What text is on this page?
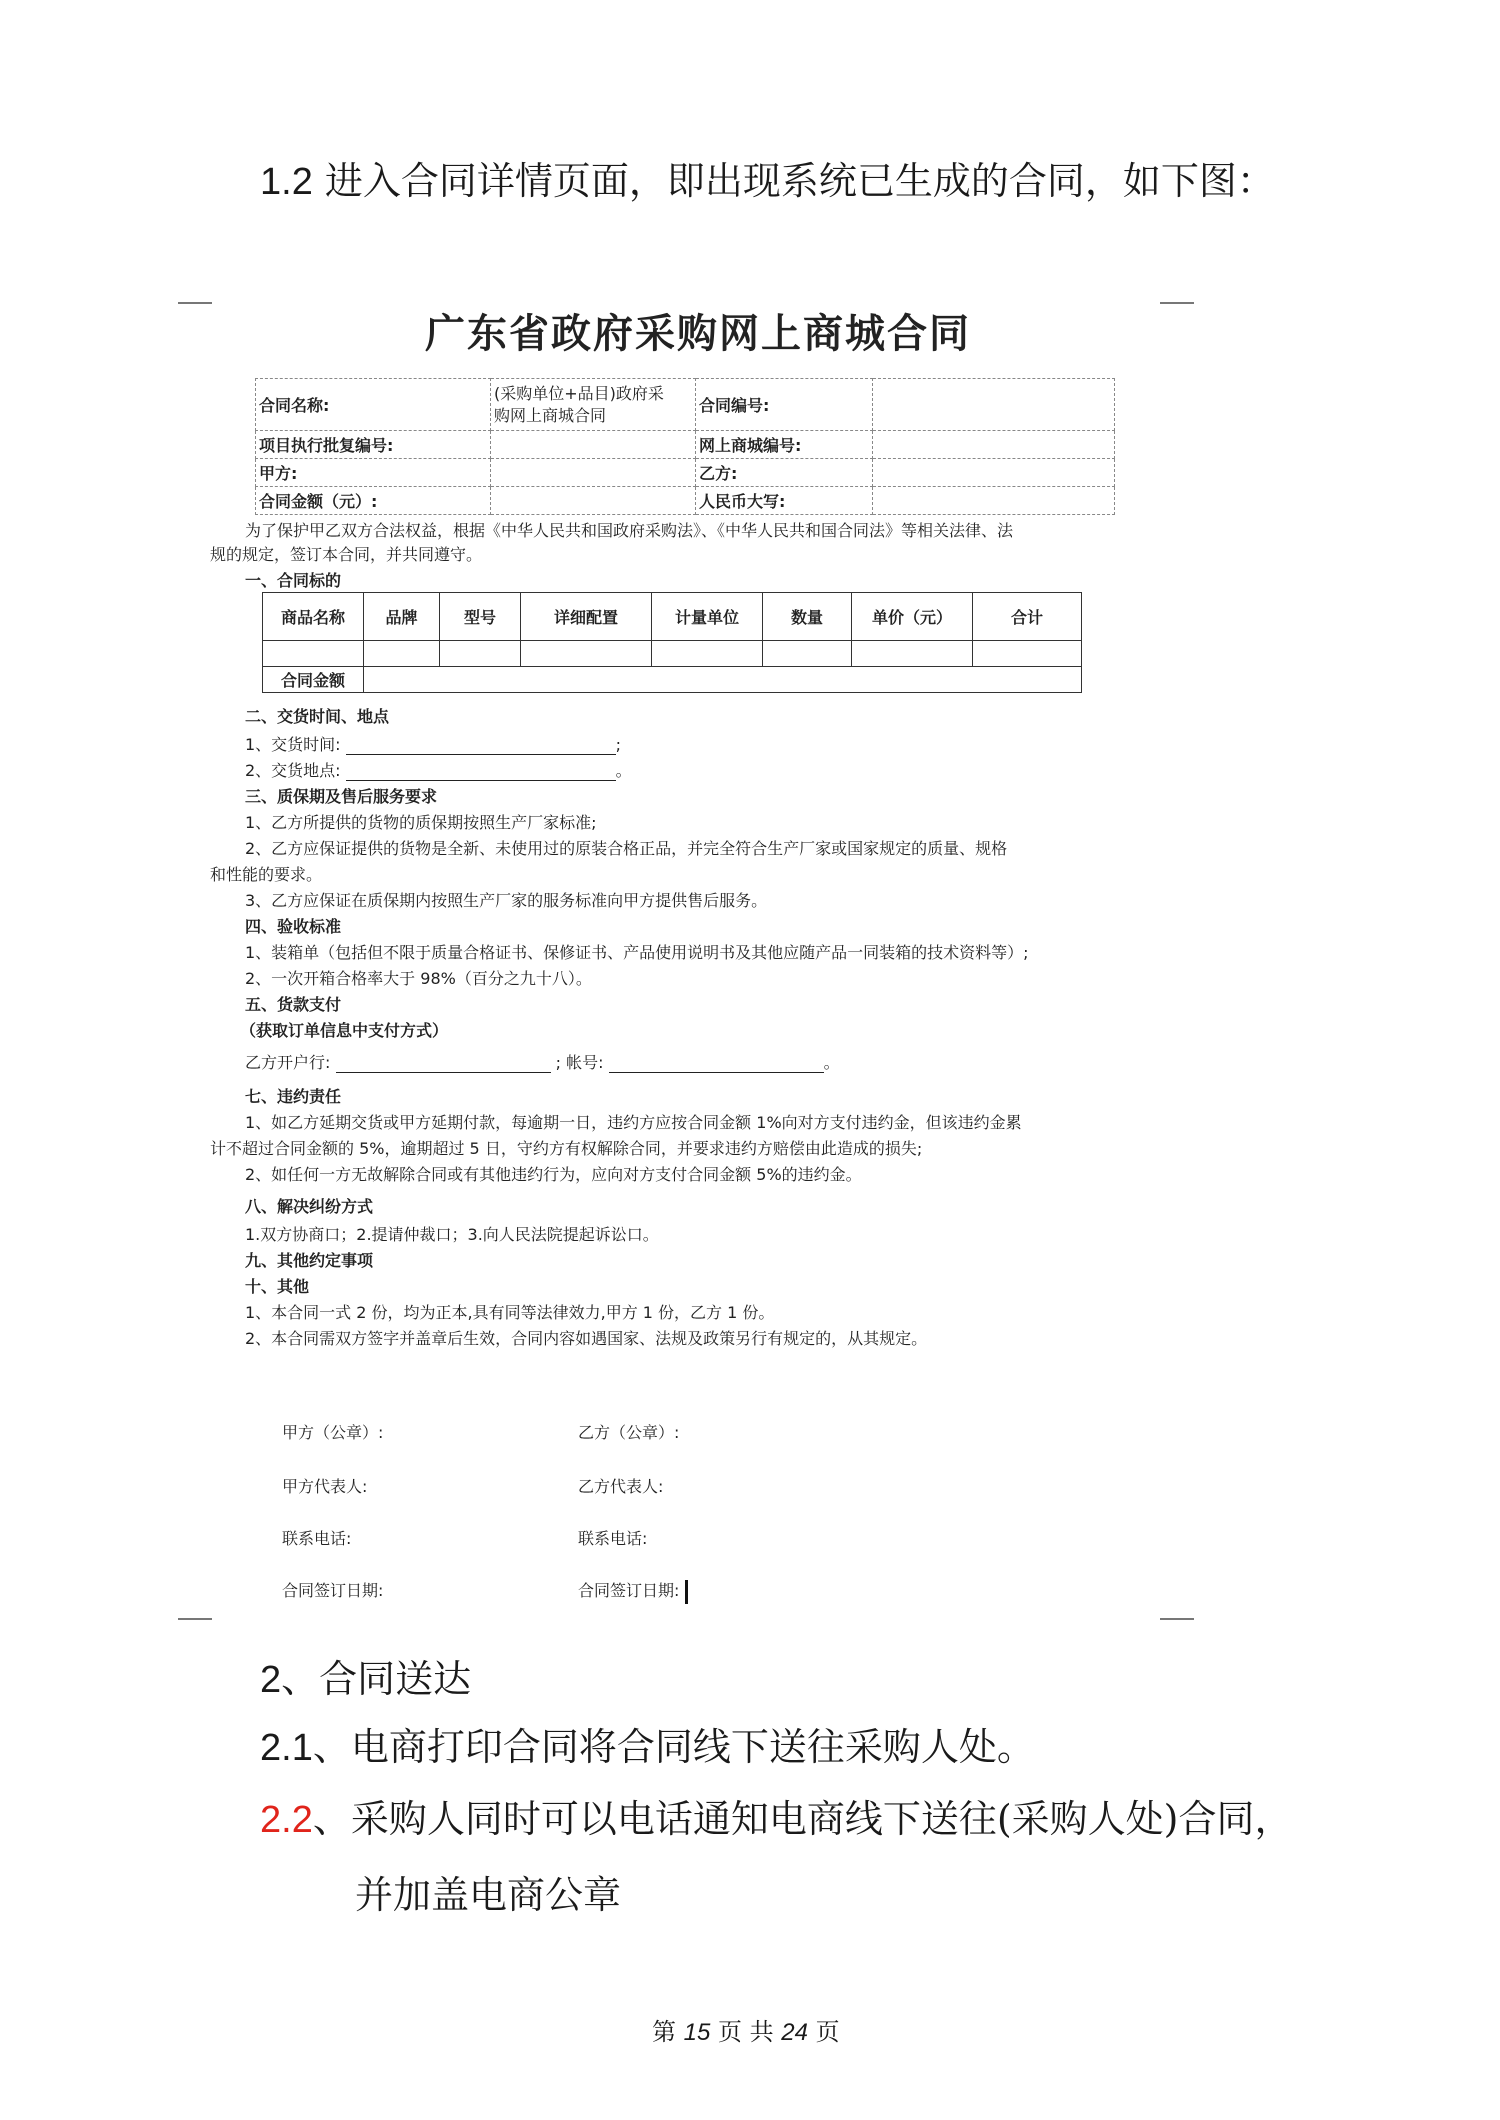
1.2 进入合同详情页面，即出现系统已生成的合同，如下图：
广东省政府采购网上商城合同
合同名称:	(采购单位+品目)政府采
购网上商城合同	合同编号:	
项目执行批复编号:		网上商城编号:	
甲方:		乙方:	
合同金额（元）:		人民币大写:	
为了保护甲乙双方合法权益，根据《中华人民共和国政府采购法》、《中华人民共和国合同法》等相关法律、法
规的规定，签订本合同，并共同遵守。
一、合同标的
商品名称	品牌	型号	详细配置	计量单位	数量	单价（元）	合计

合同金额							
二、交货时间、地点
1、交货时间:	;
2、交货地点:	。
三、质保期及售后服务要求
1、乙方所提供的货物的质保期按照生产厂家标准;
2、乙方应保证提供的货物是全新、未使用过的原装合格正品，并完全符合生产厂家或国家规定的质量、规格
和性能的要求。
3、乙方应保证在质保期内按照生产厂家的服务标准向甲方提供售后服务。
四、验收标准
1、装箱单（包括但不限于质量合格证书、保修证书、产品使用说明书及其他应随产品一同装箱的技术资料等）;
2、一次开箱合格率大于 98%（百分之九十八）。
五、货款支付
（获取订单信息中支付方式）
乙方开户行:	; 帐号:	。
七、违约责任
1、如乙方延期交货或甲方延期付款，每逾期一日，违约方应按合同金额 1%向对方支付违约金，但该违约金累
计不超过合同金额的 5%，逾期超过 5 日，守约方有权解除合同，并要求违约方赔偿由此造成的损失;
2、如任何一方无故解除合同或有其他违约行为，应向对方支付合同金额 5%的违约金。
八、解决纠纷方式
1.双方协商口；2.提请仲裁口；3.向人民法院提起诉讼口。
九、其他约定事项
十、其他
1、本合同一式 2 份，均为正本,具有同等法律效力,甲方 1 份，乙方 1 份。
2、本合同需双方签字并盖章后生效，合同内容如遇国家、法规及政策另行有规定的，从其规定。
甲方（公章）:	乙方（公章）:
甲方代表人:	乙方代表人:
联系电话:	联系电话:
合同签订日期:	合同签订日期:
2、合同送达
2.1、电商打印合同将合同线下送往采购人处。
2.2、采购人同时可以电话通知电商线下送往(采购人处)合同，
并加盖电商公章
第 15 页 共 24 页
